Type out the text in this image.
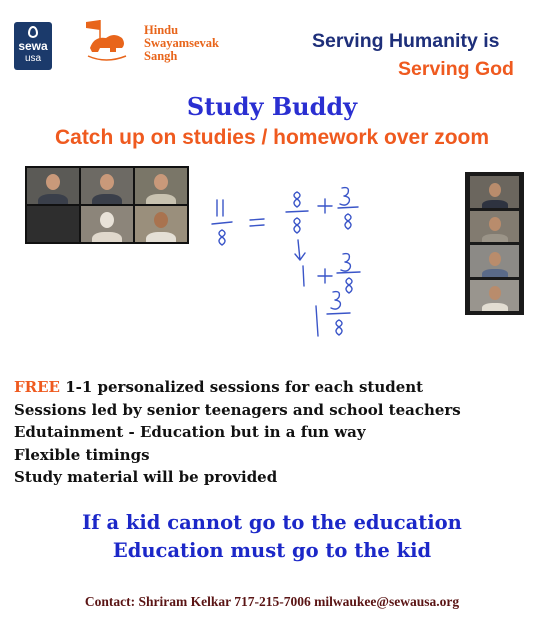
sewa
usa
Hindu
Swayamsevak
Sangh
Serving Humanity is
Serving God
Study Buddy
Catch up on studies / homework over zoom
FREE 1-1 personalized sessions for each student
Sessions led by senior teenagers and school teachers
Edutainment - Education but in a fun way
Flexible timings
Study material will be provided
If a kid cannot go to the education
Education must go to the kid
Contact: Shriram Kelkar 717-215-7006 milwaukee@sewausa.org
